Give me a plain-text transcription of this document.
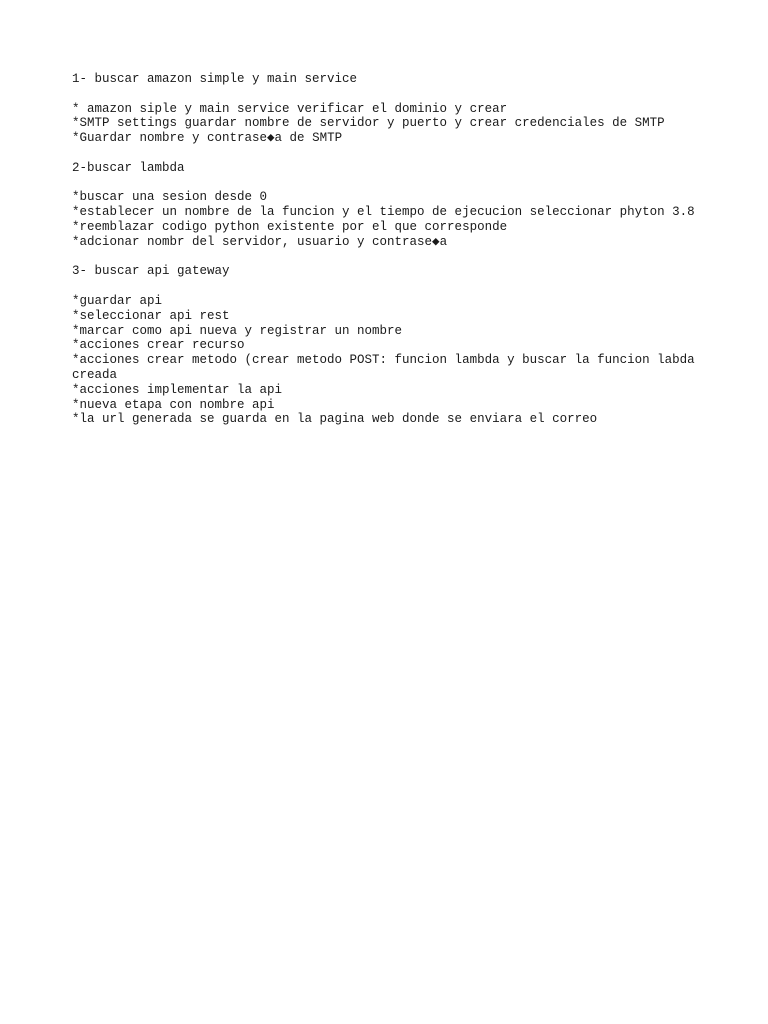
1- buscar amazon simple y main service
* amazon siple y main service verificar el dominio y crear
*SMTP settings guardar nombre de servidor y puerto y crear credenciales de SMTP
*Guardar nombre y contrase◆a de SMTP
2-buscar lambda
*buscar una sesion desde 0
*establecer un nombre de la funcion y el tiempo de ejecucion seleccionar phyton 3.8
*reemblazar codigo python existente por el que corresponde
*adcionar nombr del servidor, usuario y contrase◆a
3- buscar api gateway
*guardar api
*seleccionar api rest
*marcar como api nueva y registrar un nombre
*acciones crear recurso
*acciones crear metodo (crear metodo POST: funcion lambda y buscar la funcion labda creada
*acciones implementar la api
*nueva etapa con nombre api
*la url generada se guarda en la pagina web donde se enviara el correo
